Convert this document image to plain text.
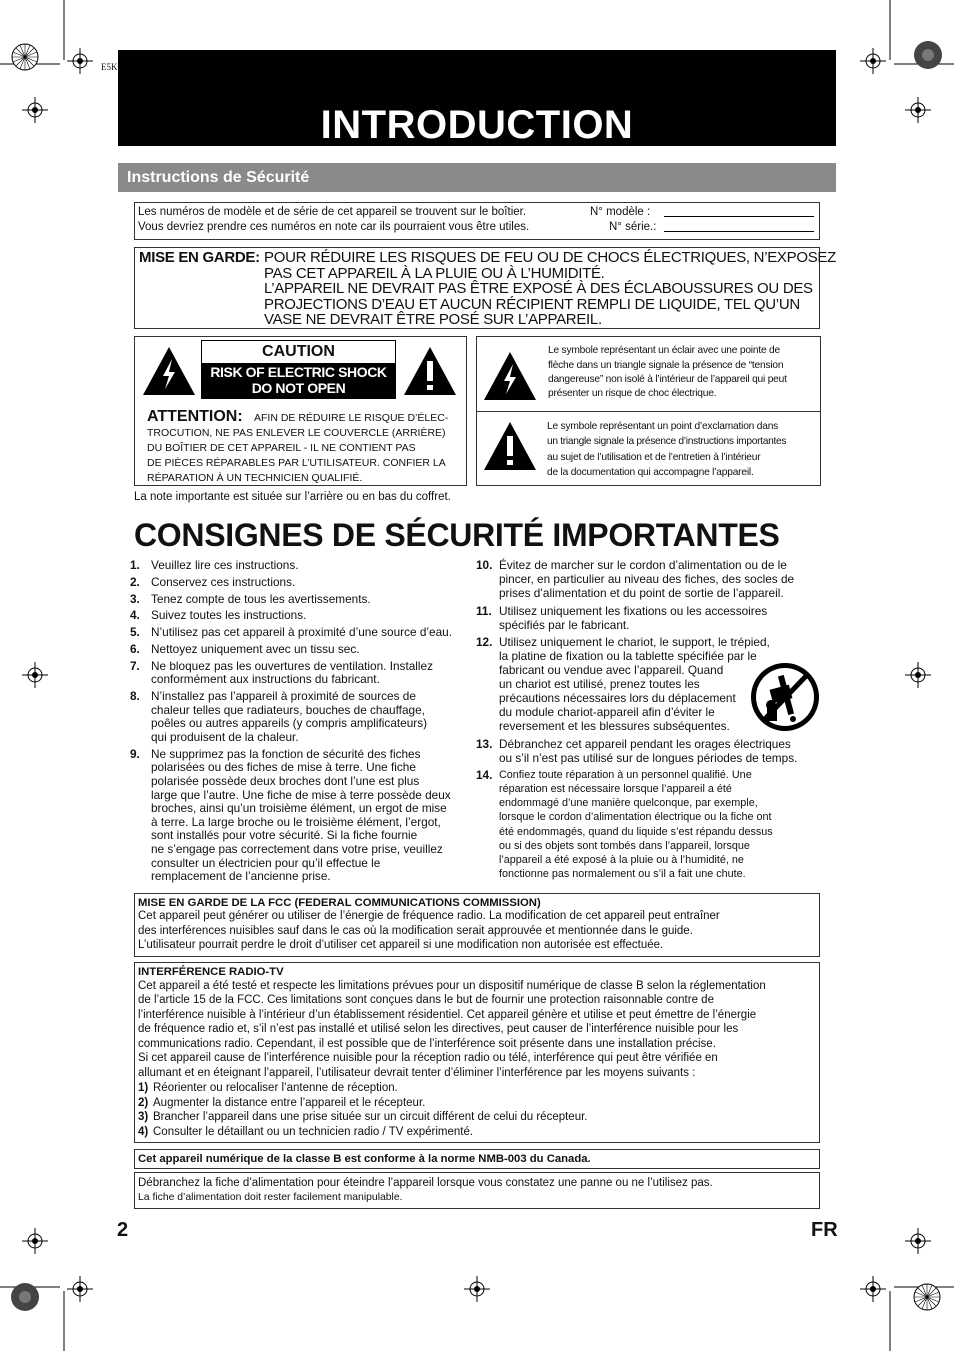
E5K
INTRODUCTION
Instructions de Sécurité
Les numéros de modèle et de série de cet appareil se trouvent sur le boîtier.
Vous devriez prendre ces numéros en note car ils pourraient vous être utiles.
N° modèle :
N° série.:
MISE EN GARDE: POUR RÉDUIRE LES RISQUES DE FEU OU DE CHOCS ÉLECTRIQUES, N’EXPOSEZ
PAS CET APPAREIL À LA PLUIE OU À L’HUMIDITÉ.
L’APPAREIL NE DEVRAIT PAS ÊTRE EXPOSÉ À DES ÉCLABOUSSURES OU DES
PROJECTIONS D’EAU ET AUCUN RÉCIPIENT REMPLI DE LIQUIDE, TEL QU’UN
VASE NE DEVRAIT ÊTRE POSÉ SUR L’APPAREIL.
CAUTION
RISK OF ELECTRIC SHOCK
DO NOT OPEN
ATTENTION: AFIN DE RÉDUIRE LE RISQUE D’ÉLEC-
TROCUTION, NE PAS ENLEVER LE COUVERCLE (ARRIÈRE)
DU BOÎTIER DE CET APPAREIL - IL NE CONTIENT PAS
DE PIÈCES RÉPARABLES PAR L’UTILISATEUR. CONFIER LA
RÉPARATION À UN TECHNICIEN QUALIFIÉ.
Le symbole représentant un éclair avec une pointe de
flèche dans un triangle signale la présence de “tension
dangereuse” non isolé à l’intérieur de l’appareil qui peut
présenter un risque de choc électrique.
Le symbole représentant un point d’exclamation dans
un triangle signale la présence d’instructions importantes
au sujet de l’utilisation et de l’entretien à l’intérieur
de la documentation qui accompagne l’appareil.
La note importante est située sur l’arrière ou en bas du coffret.
CONSIGNES DE SÉCURITÉ IMPORTANTES
1. Veuillez lire ces instructions.
2. Conservez ces instructions.
3. Tenez compte de tous les avertissements.
4. Suivez toutes les instructions.
5. N’utilisez pas cet appareil à proximité d’une source d’eau.
6. Nettoyez uniquement avec un tissu sec.
7. Ne bloquez pas les ouvertures de ventilation. Installez
conformément aux instructions du fabricant.
8. N’installez pas l’appareil à proximité de sources de
chaleur telles que radiateurs, bouches de chauffage,
poêles ou autres appareils (y compris amplificateurs)
qui produisent de la chaleur.
9. Ne supprimez pas la fonction de sécurité des fiches
polarisées ou des fiches de mise à terre. Une fiche
polarisée possède deux broches dont l’une est plus
large que l’autre. Une fiche de mise à terre possède deux
broches, ainsi qu’un troisième élément, un ergot de mise
à terre. La large broche ou le troisième élément, l’ergot,
sont installés pour votre sécurité. Si la fiche fournie
ne s’engage pas correctement dans votre prise, veuillez
consulter un électricien pour qu’il effectue le
remplacement de l’ancienne prise.
10. Évitez de marcher sur le cordon d’alimentation ou de le
pincer, en particulier au niveau des fiches, des socles de
prises d’alimentation et du point de sortie de l’appareil.
11. Utilisez uniquement les fixations ou les accessoires
spécifiés par le fabricant.
12. Utilisez uniquement le chariot, le support, le trépied,
la platine de fixation ou la tablette spécifiée par le
fabricant ou vendue avec l’appareil. Quand
un chariot est utilisé, prenez toutes les
précautions nécessaires lors du déplacement
du module chariot-appareil afin d’éviter le
reversement et les blessures subséquentes.
13. Débranchez cet appareil pendant les orages électriques
ou s’il n’est pas utilisé sur de longues périodes de temps.
14. Confiez toute réparation à un personnel qualifié. Une
réparation est nécessaire lorsque l’appareil a été
endommagé d’une manière quelconque, par exemple,
lorsque le cordon d’alimentation électrique ou la fiche ont
été endommagés, quand du liquide s’est répandu dessus
ou si des objets sont tombés dans l’appareil, lorsque
l’appareil a été exposé à la pluie ou à l’humidité, ne
fonctionne pas normalement ou s’il a fait une chute.
MISE EN GARDE DE LA FCC (FEDERAL COMMUNICATIONS COMMISSION)
Cet appareil peut générer ou utiliser de l’énergie de fréquence radio. La modification de cet appareil peut entraîner
des interférences nuisibles sauf dans le cas où la modification serait approuvée et mentionnée dans le guide.
L’utilisateur pourrait perdre le droit d’utiliser cet appareil si une modification non autorisée est effectuée.
INTERFÉRENCE RADIO-TV
Cet appareil a été testé et respecte les limitations prévues pour un dispositif numérique de classe B selon la réglementation
de l’article 15 de la FCC. Ces limitations sont conçues dans le but de fournir une protection raisonnable contre de
l’interférence nuisible à l’intérieur d’un établissement résidentiel. Cet appareil génère et utilise et peut émettre de l’énergie
de fréquence radio et, s’il n’est pas installé et utilisé selon les directives, peut causer de l’interférence nuisible pour les
communications radio. Cependant, il est possible que de l’interférence soit présente dans une installation précise.
Si cet appareil cause de l’interférence nuisible pour la réception radio ou télé, interférence qui peut être vérifiée en
allumant et en éteignant l’appareil, l’utilisateur devrait tenter d’éliminer l’interférence par les moyens suivants :
1) Réorienter ou relocaliser l’antenne de réception.
2) Augmenter la distance entre l’appareil et le récepteur.
3) Brancher l’appareil dans une prise située sur un circuit différent de celui du récepteur.
4) Consulter le détaillant ou un technicien radio / TV expérimenté.
Cet appareil numérique de la classe B est conforme à la norme NMB-003 du Canada.
Débranchez la fiche d’alimentation pour éteindre l’appareil lorsque vous constatez une panne ou ne l’utilisez pas.
La fiche d’alimentation doit rester facilement manipulable.
2	FR
